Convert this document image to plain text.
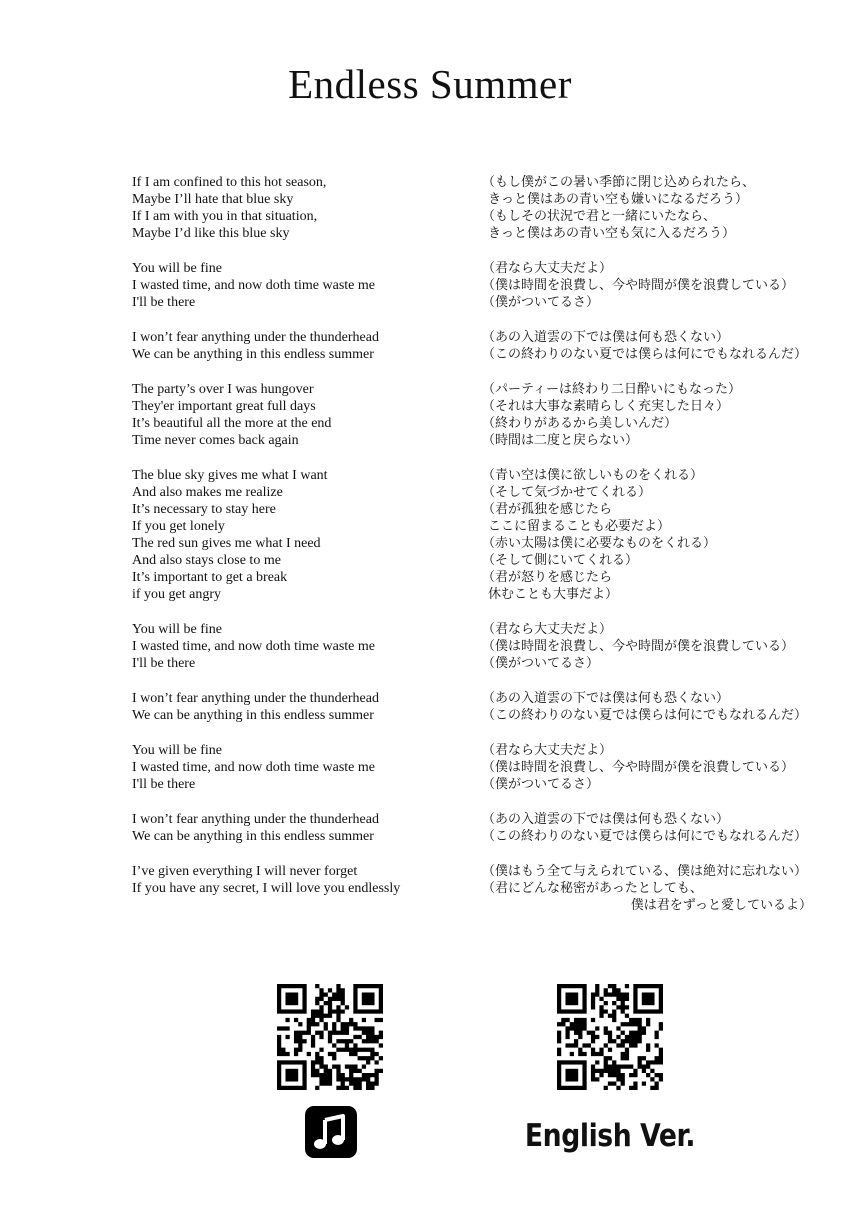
Endless Summer
If I am confined to this hot season,	（もし僕がこの暑い季節に閉じ込められたら、
Maybe I’ll hate that blue sky	きっと僕はあの青い空も嫌いになるだろう）
If I am with you in that situation,	（もしその状況で君と一緒にいたなら、
Maybe I’d like this blue sky	きっと僕はあの青い空も気に入るだろう）
You will be fine	（君なら大丈夫だよ）
I wasted time, and now doth time waste me	（僕は時間を浪費し、今や時間が僕を浪費している）
I'll be there	（僕がついてるさ）
I won’t fear anything under the thunderhead	（あの入道雲の下では僕は何も恐くない）
We can be anything in this endless summer	（この終わりのない夏では僕らは何にでもなれるんだ）
The party’s over I was hungover	（パーティーは終わり二日酔いにもなった）
They'er important great full days	（それは大事な素晴らしく充実した日々）
It’s beautiful all the more at the end	（終わりがあるから美しいんだ）
Time never comes back again	（時間は二度と戻らない）
The blue sky gives me what I want	（青い空は僕に欲しいものをくれる）
And also makes me realize	（そして気づかせてくれる）
It’s necessary to stay here	（君が孤独を感じたら
If you get lonely	ここに留まることも必要だよ）
The red sun gives me what I need	（赤い太陽は僕に必要なものをくれる）
And also stays close to me	（そして側にいてくれる）
It’s important to get a break	（君が怒りを感じたら
if you get angry	休むことも大事だよ）
You will be fine	（君なら大丈夫だよ）
I wasted time, and now doth time waste me	（僕は時間を浪費し、今や時間が僕を浪費している）
I'll be there	（僕がついてるさ）
I won’t fear anything under the thunderhead	（あの入道雲の下では僕は何も恐くない）
We can be anything in this endless summer	（この終わりのない夏では僕らは何にでもなれるんだ）
You will be fine	（君なら大丈夫だよ）
I wasted time, and now doth time waste me	（僕は時間を浪費し、今や時間が僕を浪費している）
I'll be there	（僕がついてるさ）
I won’t fear anything under the thunderhead	（あの入道雲の下では僕は何も恐くない）
We can be anything in this endless summer	（この終わりのない夏では僕らは何にでもなれるんだ）
I’ve given everything I will never forget	（僕はもう全て与えられている、僕は絶対に忘れない）
If you have any secret, I will love you endlessly	（君にどんな秘密があったとしても、
僕は君をずっと愛しているよ）
English Ver.
